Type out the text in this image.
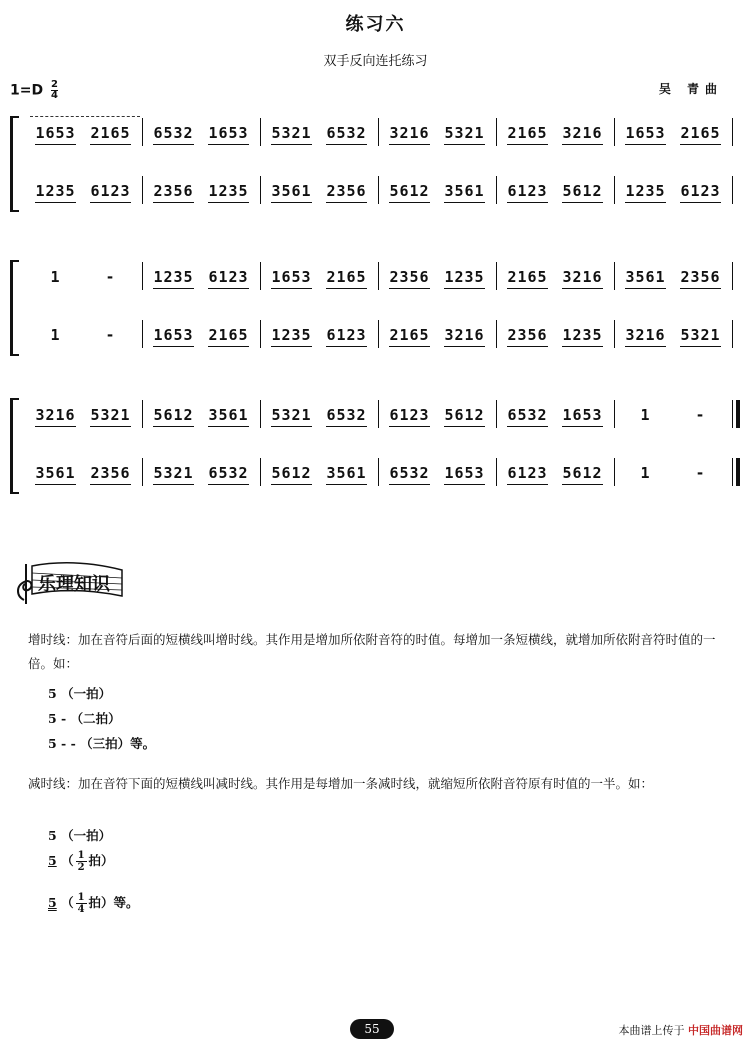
练习六
双手反向连托练习
$1=D \frac{2}{4}$	吴 青曲
1653 2165 6532 1653 5321 6532 3216 5321 2165 3216 1653 2165
1235 6123 2356 1235 3561 2356 5612 3561 6123 5612 1235 6123
1	-	1235 6123 1653 2165 2356 1235 2165 3216 3561 2356
1	-	1653 2165 1235 6123 2165 3216 2356 1235 3216 5321
3216 5321 5612 3561 5321 6532 6123 5612 6532 1653	1	-
3561 2356 5321 6532 5612 3561 6532 1653 6123 5612	1	-
乐理知识
增时线：加在音符后面的短横线叫增时线。其作用是增加所依附音符的时值。每增加一条短横线，就增加所依附音符时值的一倍。如：
5 （一拍）
5 - （二拍）
5 - - （三拍）等。
减时线：加在音符下面的短横线叫减时线。其作用是每增加一条减时线，就缩短所依附音符原有时值的一半。如：
5 （一拍）
5 （ $\frac{1}{2}$ 拍）
5 （ $\frac{1}{4}$ 拍）等。
55	本曲谱上传于 中国曲谱网
